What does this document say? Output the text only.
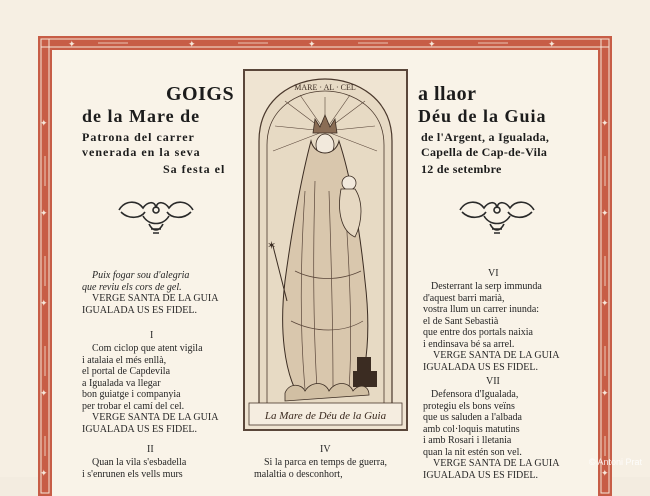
✦	✦	✦	✦	✦
✦
✦
✦
✦
✦
✦
✦
✦
✦
✦
GOIGS
de la Mare de
Patrona del carrer
venerada en la seva
Sa festa el
a llaor
Déu de la Guia
de l'Argent, a Igualada,
Capella de Cap-de-Vila
12 de setembre
MARE · AL · CEL
✶
La Mare de Déu de la Guia
Puix fogar sou d'alegria
que reviu els cors de gel.
VERGE SANTA DE LA GUIA
IGUALADA US ES FIDEL.
I
Com ciclop que atent vigila
i atalaia el més enllà,
el portal de Capdevila
a Igualada va llegar
bon guiatge i companyia
per trobar el camí del cel.
VERGE SANTA DE LA GUIA
IGUALADA US ES FIDEL.
II
Quan la vila s'esbadella
i s'enrunen els vells murs
IV
Si la parca en temps de guerra,
malaltia o desconhort,
VI
Desterrant la serp immunda
d'aquest barri marià,
vostra llum un carrer inunda:
el de Sant Sebastià
que entre dos portals naixia
i endinsava bé sa arrel.
VERGE SANTA DE LA GUIA
IGUALADA US ES FIDEL.
VII
Defensora d'Igualada,
protegiu els bons veïns
que us saluden a l'albada
amb col·loquis matutins
i amb Rosari i lletania
quan la nit estén son vel.
VERGE SANTA DE LA GUIA
IGUALADA US ES FIDEL.
© Antoni Prat
